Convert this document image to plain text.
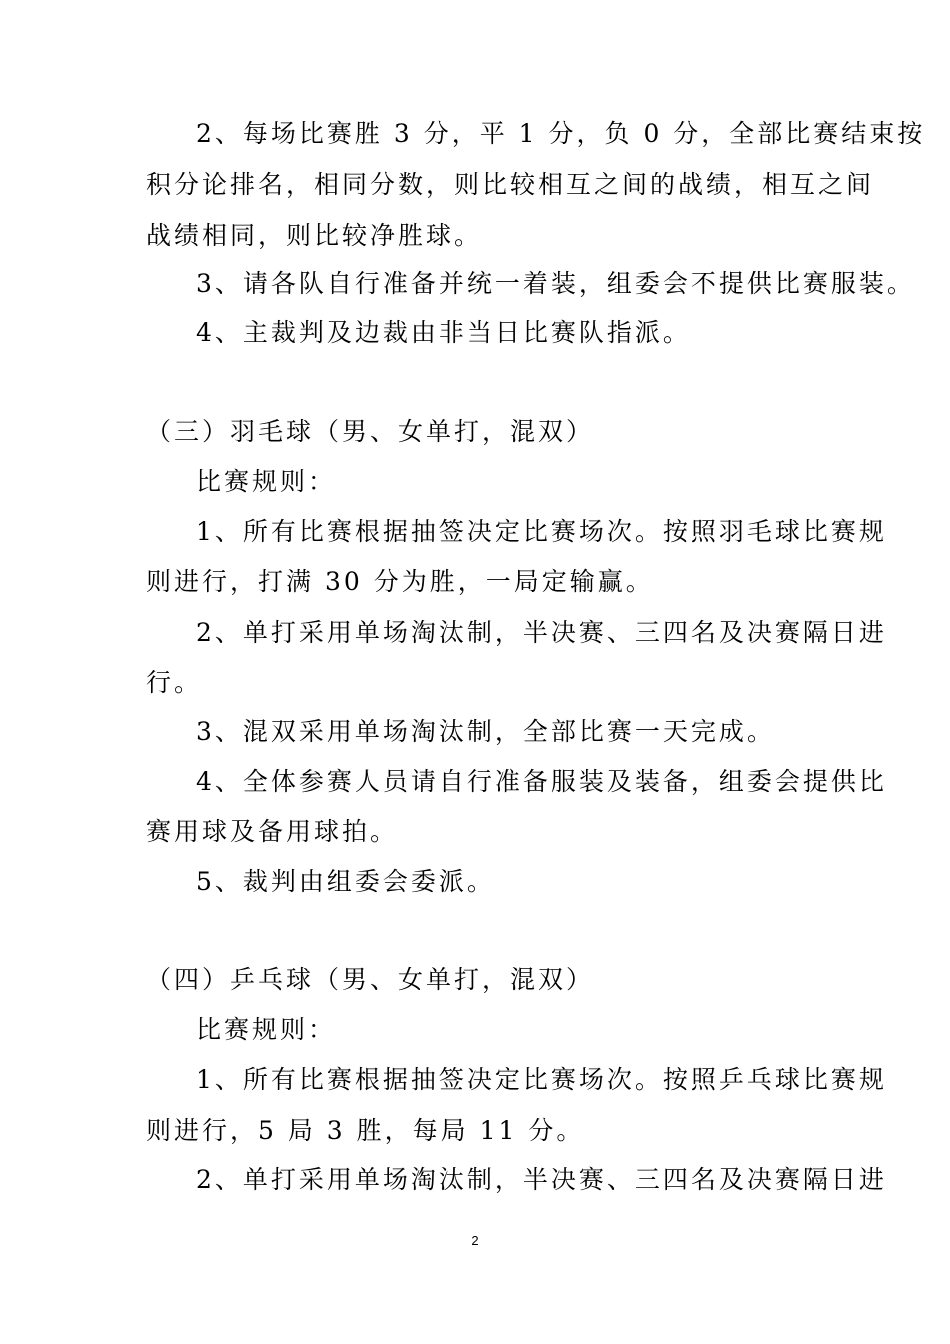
2、每场比赛胜 3 分，平 1 分，负 0 分，全部比赛结束按
积分论排名，相同分数，则比较相互之间的战绩，相互之间
战绩相同，则比较净胜球。
3、请各队自行准备并统一着装，组委会不提供比赛服装。
4、主裁判及边裁由非当日比赛队指派。
（三）羽毛球（男、女单打，混双）
比赛规则：
1、所有比赛根据抽签决定比赛场次。按照羽毛球比赛规
则进行，打满 30 分为胜，一局定输赢。
2、单打采用单场淘汰制，半决赛、三四名及决赛隔日进
行。
3、混双采用单场淘汰制，全部比赛一天完成。
4、全体参赛人员请自行准备服装及装备，组委会提供比
赛用球及备用球拍。
5、裁判由组委会委派。
（四）乒乓球（男、女单打，混双）
比赛规则：
1、所有比赛根据抽签决定比赛场次。按照乒乓球比赛规
则进行，5 局 3 胜，每局 11 分。
2、单打采用单场淘汰制，半决赛、三四名及决赛隔日进
2
